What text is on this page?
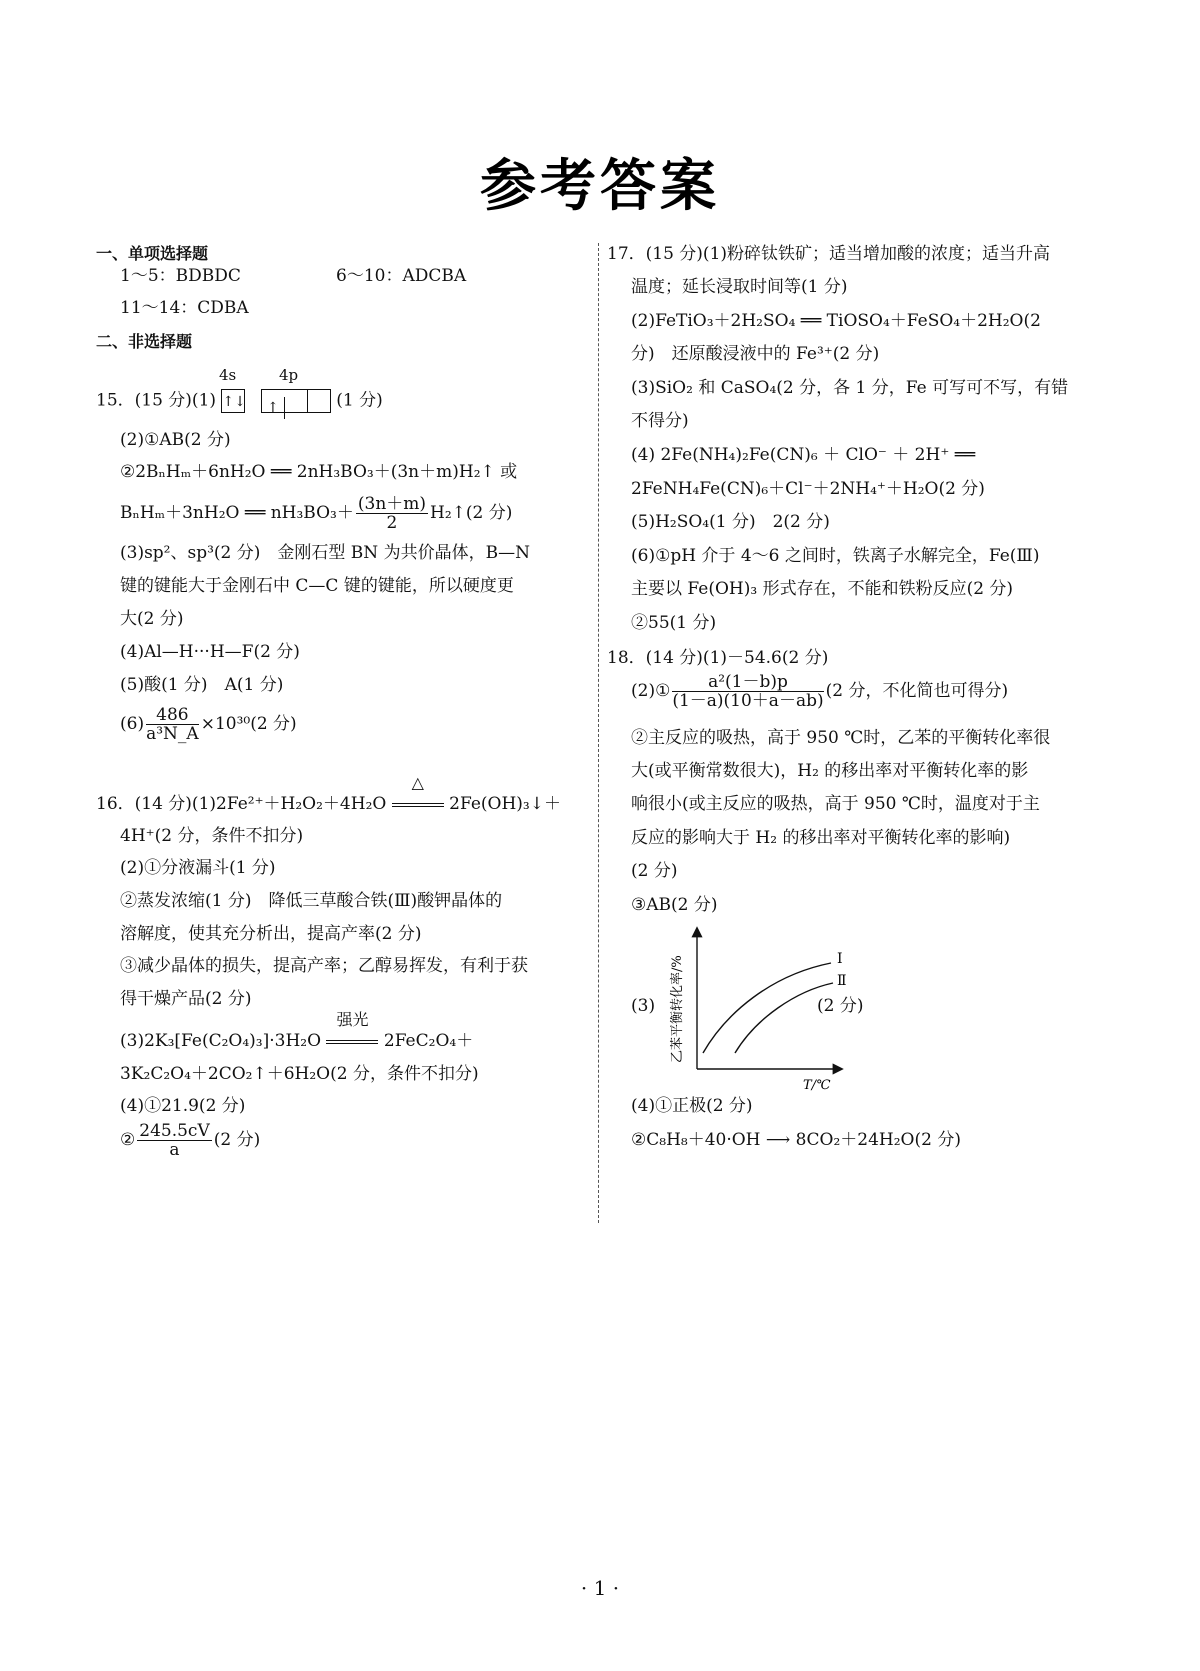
参考答案
一、单项选择题
1～5：BDBDC	6～10：ADCBA
11～14：CDBA
二、非选择题
4s	4p
15．(15 分)(1) ↑↓ ↑	(1 分)
(2)①AB(2 分)
②2BₙHₘ＋6nH₂O ══ 2nH₃BO₃＋(3n＋m)H₂↑ 或
BₙHₘ＋3nH₂O ══ $nH_3BO_3+ \frac{(3n+m)}{2}$ H₂↑(2 分)
(3)sp²、sp³(2 分)　金刚石型 BN 为共价晶体，B—N
键的键能大于金刚石中 C—C 键的键能，所以硬度更
大(2 分)
(4)Al—H···H—F(2 分)
(5)酸(1 分)　A(1 分)
$(6) \frac{486}{\text{a³N\_A}} \times 10^{30}(2$ 分)
16．(14 分)(1)2Fe²⁺＋H₂O₂＋4H₂O
△
2Fe(OH)₃↓＋
4H⁺(2 分，条件不扣分)
(2)①分液漏斗(1 分)
②蒸发浓缩(1 分)　降低三草酸合铁(Ⅲ)酸钾晶体的
溶解度，使其充分析出，提高产率(2 分)
③减少晶体的损失，提高产率；乙醇易挥发，有利于获
得干燥产品(2 分)
(3)2K₃[Fe(C₂O₄)₃]·3H₂O
强光
2FeC₂O₄＋
3K₂C₂O₄＋2CO₂↑＋6H₂O(2 分，条件不扣分)
(4)①21.9(2 分)
② $\frac{245.5cV}{a} (2$ 分)
17．(15 分)(1)粉碎钛铁矿；适当增加酸的浓度；适当升高
温度；延长浸取时间等(1 分)
(2)FeTiO₃＋2H₂SO₄ ══ TiOSO₄＋FeSO₄＋2H₂O(2
分)　还原酸浸液中的 Fe³⁺(2 分)
(3)SiO₂ 和 CaSO₄(2 分，各 1 分，Fe 可写可不写，有错
不得分)
(4) 2Fe(NH₄)₂Fe(CN)₆ ＋ ClO⁻ ＋ 2H⁺ ══
2FeNH₄Fe(CN)₆＋Cl⁻＋2NH₄⁺＋H₂O(2 分)
(5)H₂SO₄(1 分)　2(2 分)
(6)①pH 介于 4～6 之间时，铁离子水解完全，Fe(Ⅲ)
主要以 Fe(OH)₃ 形式存在，不能和铁粉反应(2 分)
②55(1 分)
18．(14 分)(1)－54.6(2 分)
(2)① $\frac{\text{a²(1－b)p}}{(1-a)(10+a-ab)} (2$ 分，不化简也可得分)
②主反应的吸热，高于 950 ℃时，乙苯的平衡转化率很
大(或平衡常数很大)，H₂ 的移出率对平衡转化率的影
响很小(或主反应的吸热，高于 950 ℃时，温度对于主
反应的影响大于 H₂ 的移出率对平衡转化率的影响)
(2 分)
③AB(2 分)
(3)
Ⅰ
Ⅱ
乙苯平衡转化率/%
T/℃
(2 分)
(4)①正极(2 分)
②C₈H₈＋40·OH ⟶ 8CO₂＋24H₂O(2 分)
· 1 ·
